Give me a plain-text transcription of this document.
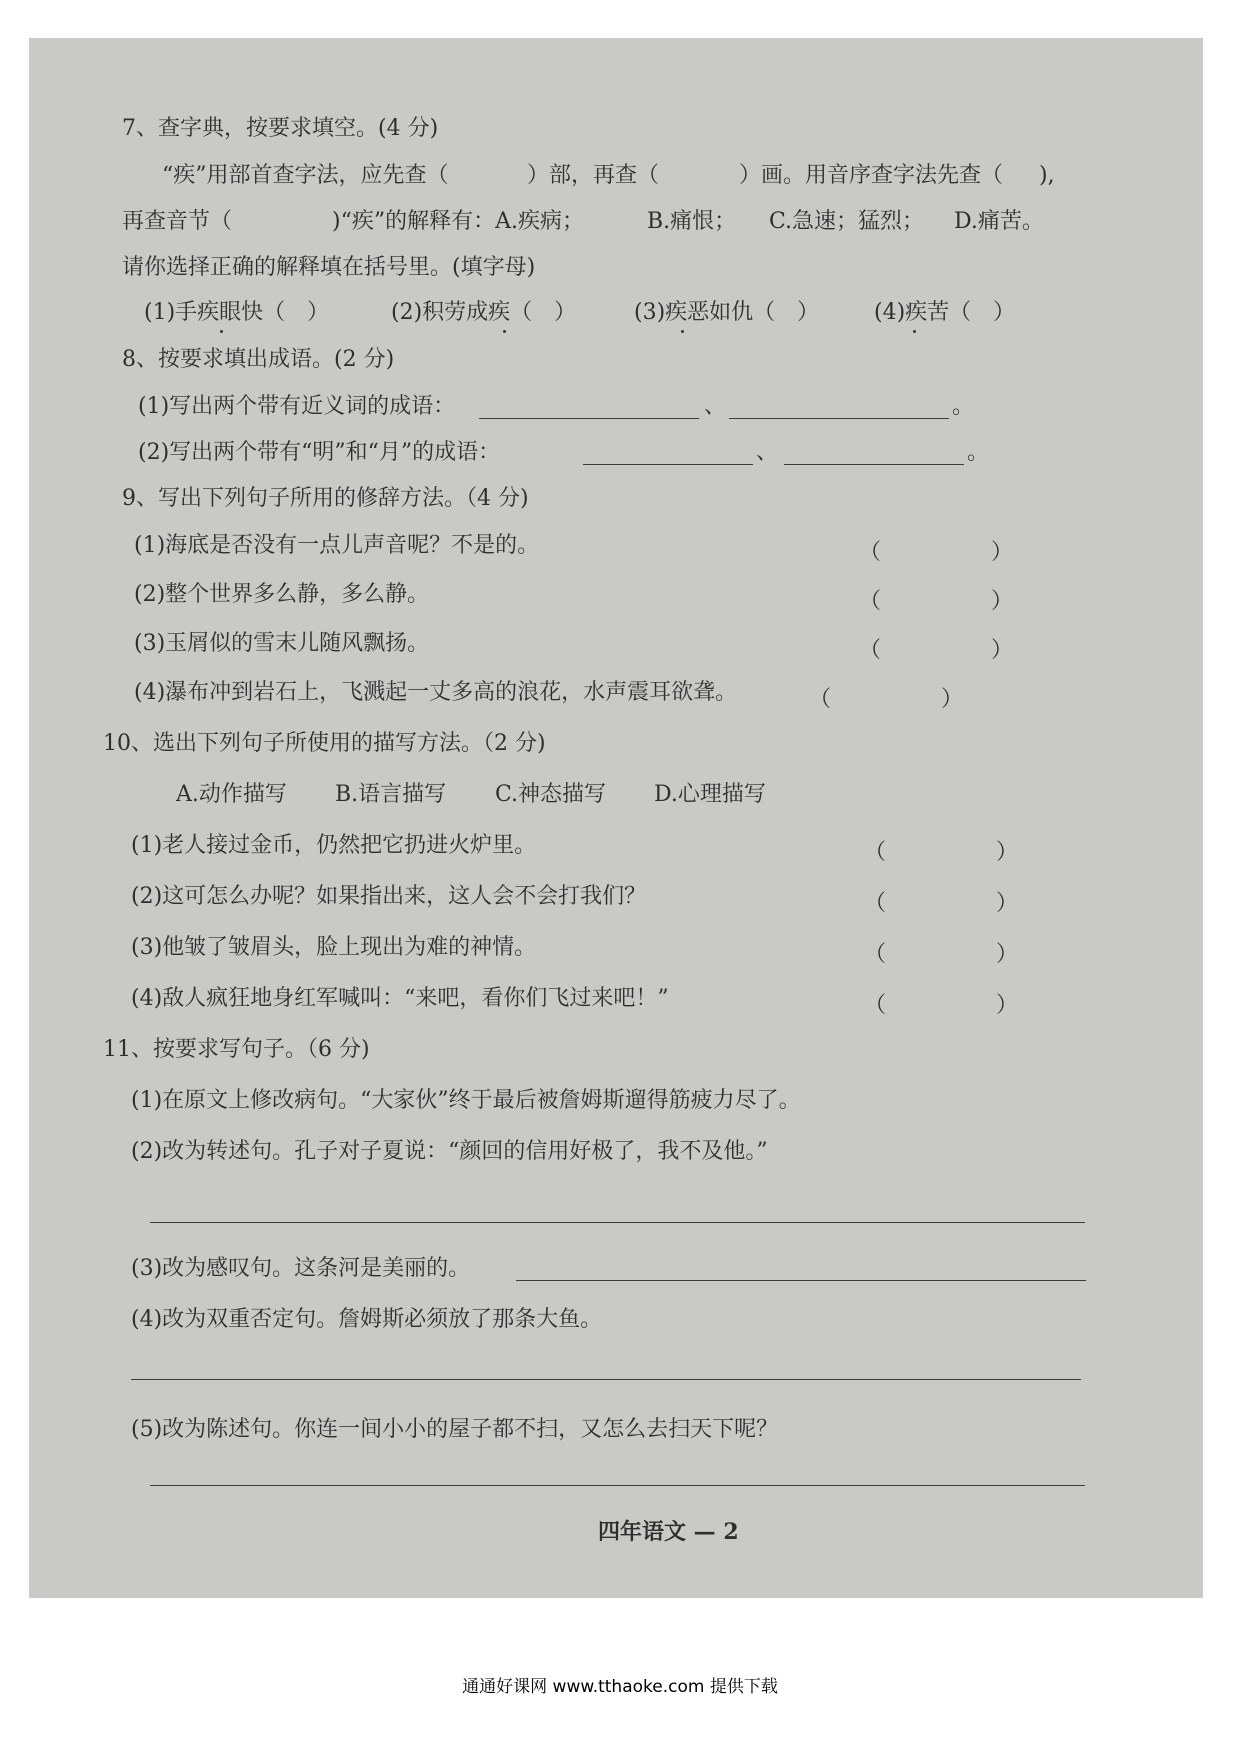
7、查字典，按要求填空。(4 分)
“疾”用部首查字法，应先查（	）部，再查（	）画。用音序查字法先查（ ),
再查音节（	)“疾”的解释有：A.疾病；	B.痛恨； C.急速；猛烈； D.痛苦。
请你选择正确的解释填在括号里。(填字母)
(1)手疾眼快（　）	(2)积劳成疾（　）	(3)疾恶如仇（　） (4)疾苦（　）
8、按要求填出成语。(2 分)
(1)写出两个带有近义词的成语：	、	。
(2)写出两个带有“明”和“月”的成语：	、	。
9、写出下列句子所用的修辞方法。（4 分)
(1)海底是否没有一点儿声音呢？不是的。	（	）
(2)整个世界多么静，多么静。	（	）
(3)玉屑似的雪末儿随风飘扬。	（	）
(4)瀑布冲到岩石上，飞溅起一丈多高的浪花，水声震耳欲聋。	（	）
10、选出下列句子所使用的描写方法。（2 分)
A.动作描写 B.语言描写 C.神态描写 D.心理描写
(1)老人接过金币，仍然把它扔进火炉里。	（	）
(2)这可怎么办呢？如果指出来，这人会不会打我们？	（	）
(3)他皱了皱眉头，脸上现出为难的神情。	（	）
(4)敌人疯狂地身红军喊叫：“来吧，看你们飞过来吧！”	（	）
11、按要求写句子。（6 分)
(1)在原文上修改病句。“大家伙”终于最后被詹姆斯遛得筋疲力尽了。
(2)改为转述句。孔子对子夏说：“颜回的信用好极了，我不及他。”
(3)改为感叹句。这条河是美丽的。
(4)改为双重否定句。詹姆斯必须放了那条大鱼。
(5)改为陈述句。你连一间小小的屋子都不扫，又怎么去扫天下呢？
四年语文 — 2
通通好课网 www.tthaoke.com 提供下载
